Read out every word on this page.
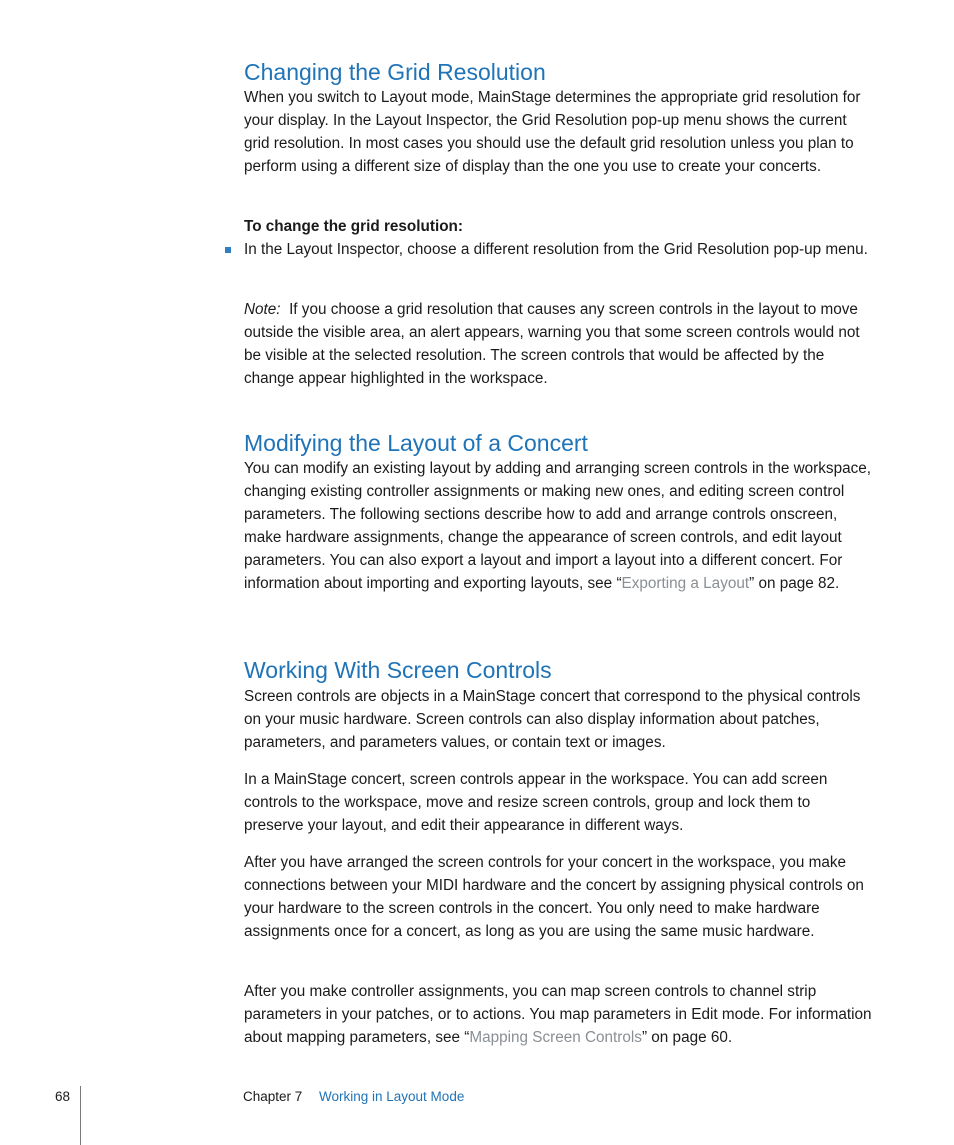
Changing the Grid Resolution

When you switch to Layout mode, MainStage determines the appropriate grid resolution for your display. In the Layout Inspector, the Grid Resolution pop-up menu shows the current grid resolution. In most cases you should use the default grid resolution unless you plan to perform using a different size of display than the one you use to create your concerts.

To change the grid resolution:

In the Layout Inspector, choose a different resolution from the Grid Resolution pop-up menu.

Note: If you choose a grid resolution that causes any screen controls in the layout to move outside the visible area, an alert appears, warning you that some screen controls would not be visible at the selected resolution. The screen controls that would be affected by the change appear highlighted in the workspace.

Modifying the Layout of a Concert

You can modify an existing layout by adding and arranging screen controls in the workspace, changing existing controller assignments or making new ones, and editing screen control parameters. The following sections describe how to add and arrange controls onscreen, make hardware assignments, change the appearance of screen controls, and edit layout parameters. You can also export a layout and import a layout into a different concert. For information about importing and exporting layouts, see “Exporting a Layout” on page 82.

Working With Screen Controls

Screen controls are objects in a MainStage concert that correspond to the physical controls on your music hardware. Screen controls can also display information about patches, parameters, and parameters values, or contain text or images.

In a MainStage concert, screen controls appear in the workspace. You can add screen controls to the workspace, move and resize screen controls, group and lock them to preserve your layout, and edit their appearance in different ways.

After you have arranged the screen controls for your concert in the workspace, you make connections between your MIDI hardware and the concert by assigning physical controls on your hardware to the screen controls in the concert. You only need to make hardware assignments once for a concert, as long as you are using the same music hardware.

After you make controller assignments, you can map screen controls to channel strip parameters in your patches, or to actions. You map parameters in Edit mode. For information about mapping parameters, see “Mapping Screen Controls” on page 60.

68	Chapter 7 Working in Layout Mode
